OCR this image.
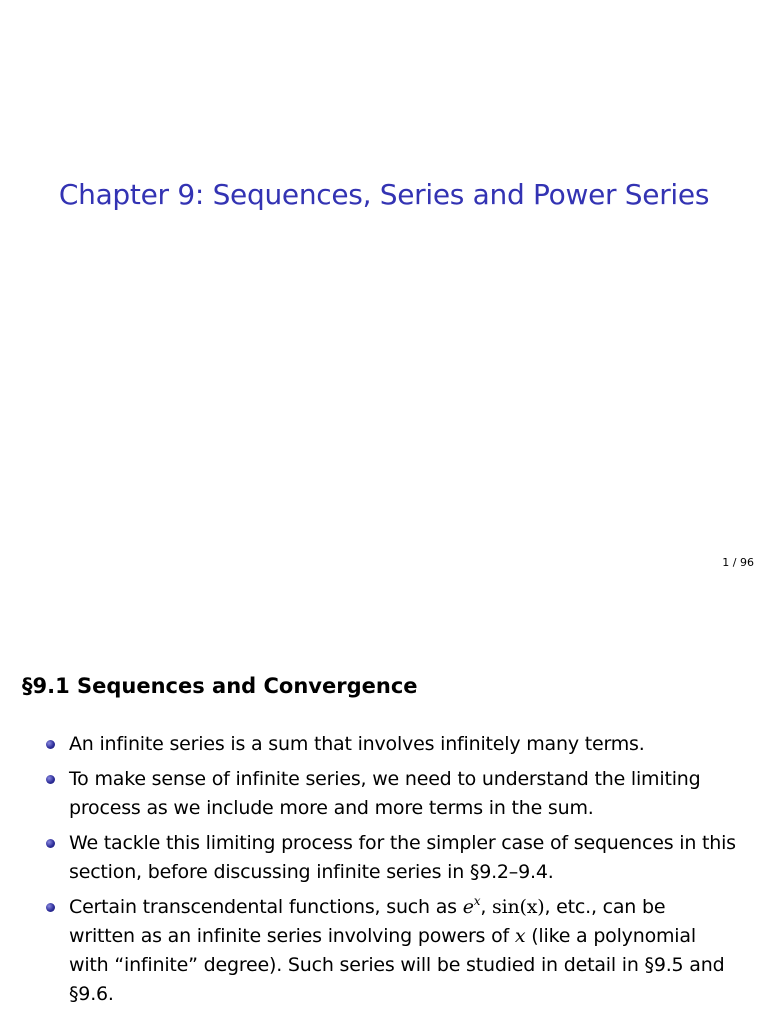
Chapter 9: Sequences, Series and Power Series
1 / 96
§9.1 Sequences and Convergence
An infinite series is a sum that involves infinitely many terms.
To make sense of infinite series, we need to understand the limiting process as we include more and more terms in the sum.
We tackle this limiting process for the simpler case of sequences in this section, before discussing infinite series in §9.2–9.4.
Certain transcendental functions, such as $e^x$, sin(x), etc., can be written as an infinite series involving powers of x (like a polynomial with “infinite” degree). Such series will be studied in detail in §9.5 and §9.6.
